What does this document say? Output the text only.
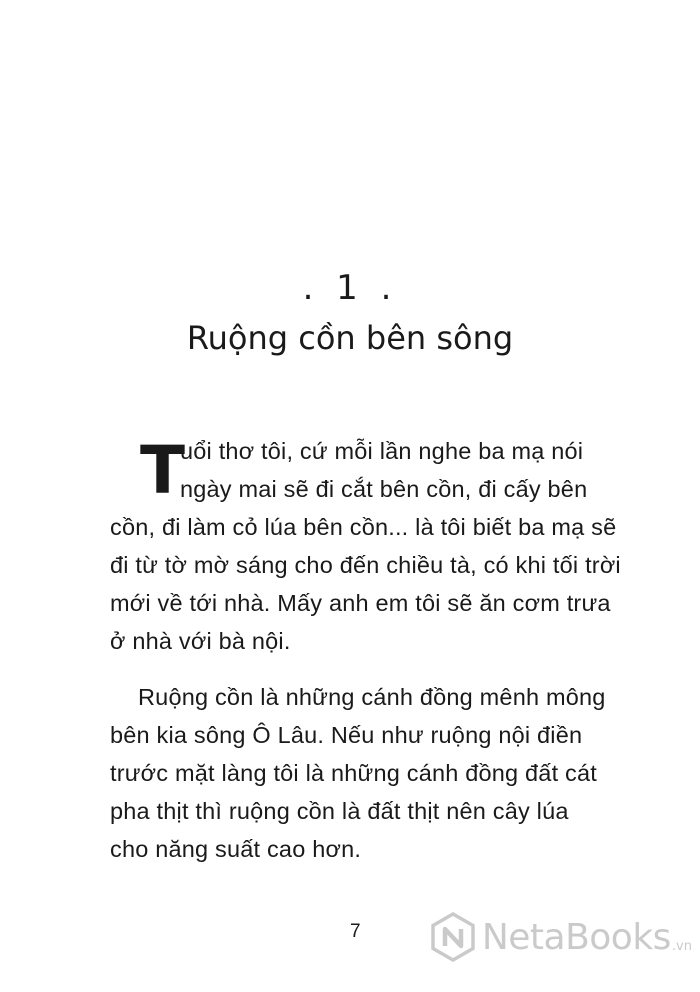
. 1 .
Ruộng cồn bên sông
T
uổi thơ tôi, cứ mỗi lần nghe ba mạ nói
ngày mai sẽ đi cắt bên cồn, đi cấy bên
cồn, đi làm cỏ lúa bên cồn... là tôi biết ba mạ sẽ
đi từ tờ mờ sáng cho đến chiều tà, có khi tối trời
mới về tới nhà. Mấy anh em tôi sẽ ăn cơm trưa
ở nhà với bà nội.
Ruộng cồn là những cánh đồng mênh mông
bên kia sông Ô Lâu. Nếu như ruộng nội điền
trước mặt làng tôi là những cánh đồng đất cát
pha thịt thì ruộng cồn là đất thịt nên cây lúa
cho năng suất cao hơn.
7	NetaBooks .vn
